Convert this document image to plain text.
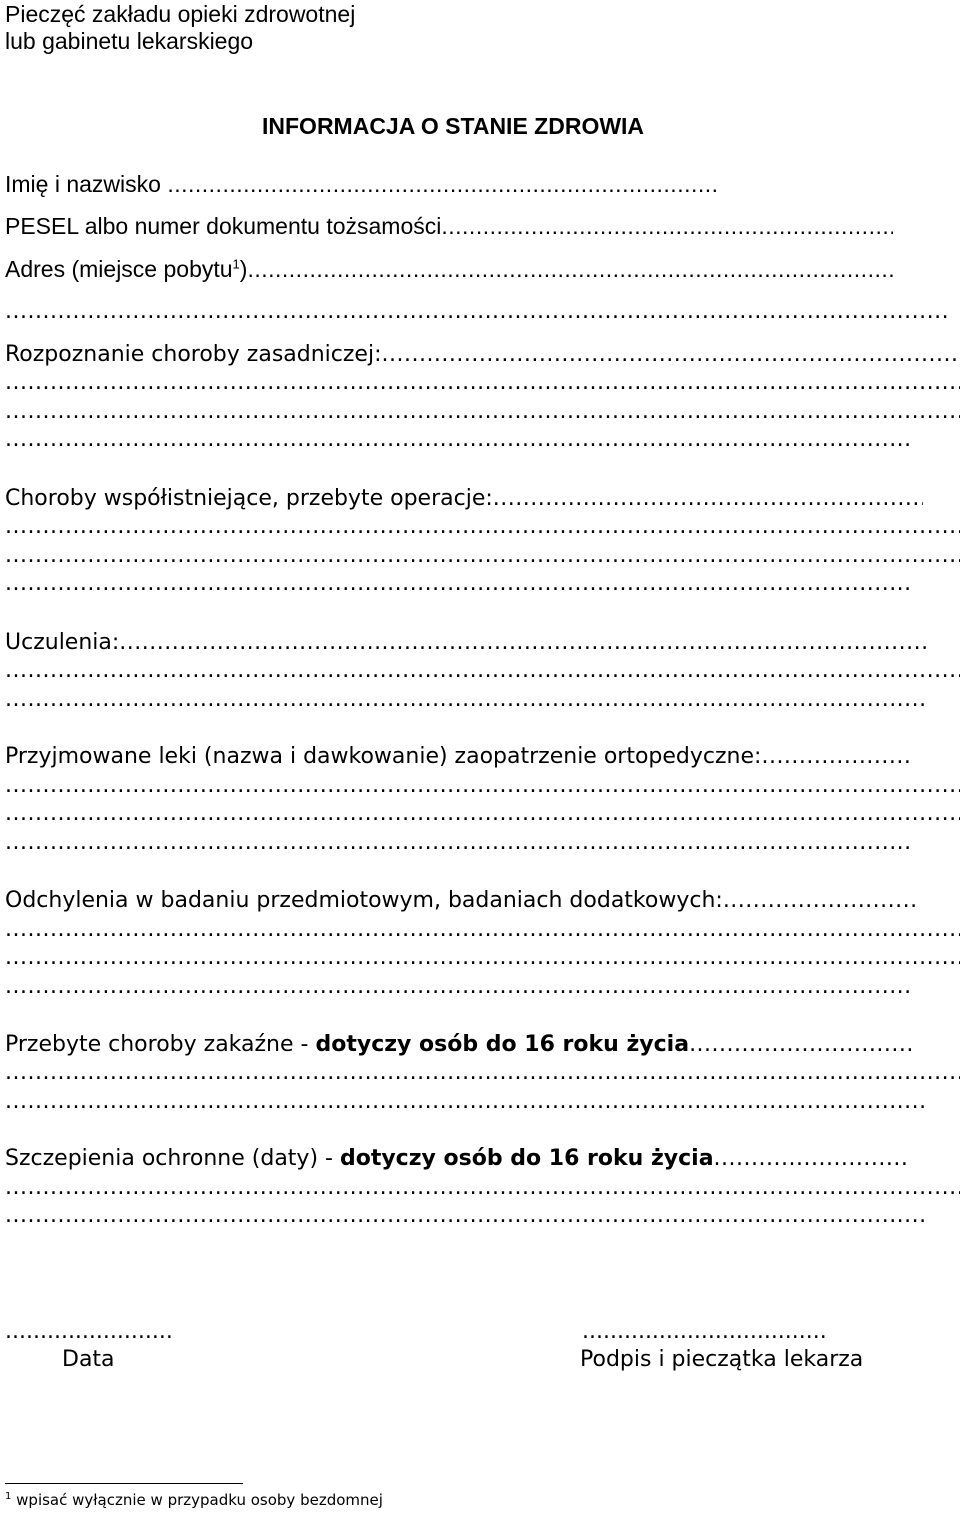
Pieczęć zakładu opieki zdrowotnej
lub gabinetu lekarskiego
INFORMACJA O STANIE ZDROWIA
Imię i nazwisko .....
PESEL albo numer dokumentu tożsamości.....
Adres (miejsce pobytu$^1$).....
.....
Rozpoznanie choroby zasadniczej:.....
.....
.....
.....
Choroby współistniejące, przebyte operacje:.....
.....
.....
.....
Uczulenia:.....
.....
.....
Przyjmowane leki (nazwa i dawkowanie) zaopatrzenie ortopedyczne:.....
.....
.....
.....
Odchylenia w badaniu przedmiotowym, badaniach dodatkowych:.....
.....
.....
.....
Przebyte choroby zakaźne - dotyczy osób do 16 roku życia.....
.....
.....
Szczepienia ochronne (daty) - dotyczy osób do 16 roku życia.....
.....
.....
........................
Data
...................................
Podpis i pieczątka lekarza
$^1$ wpisać wyłącznie w przypadku osoby bezdomnej
